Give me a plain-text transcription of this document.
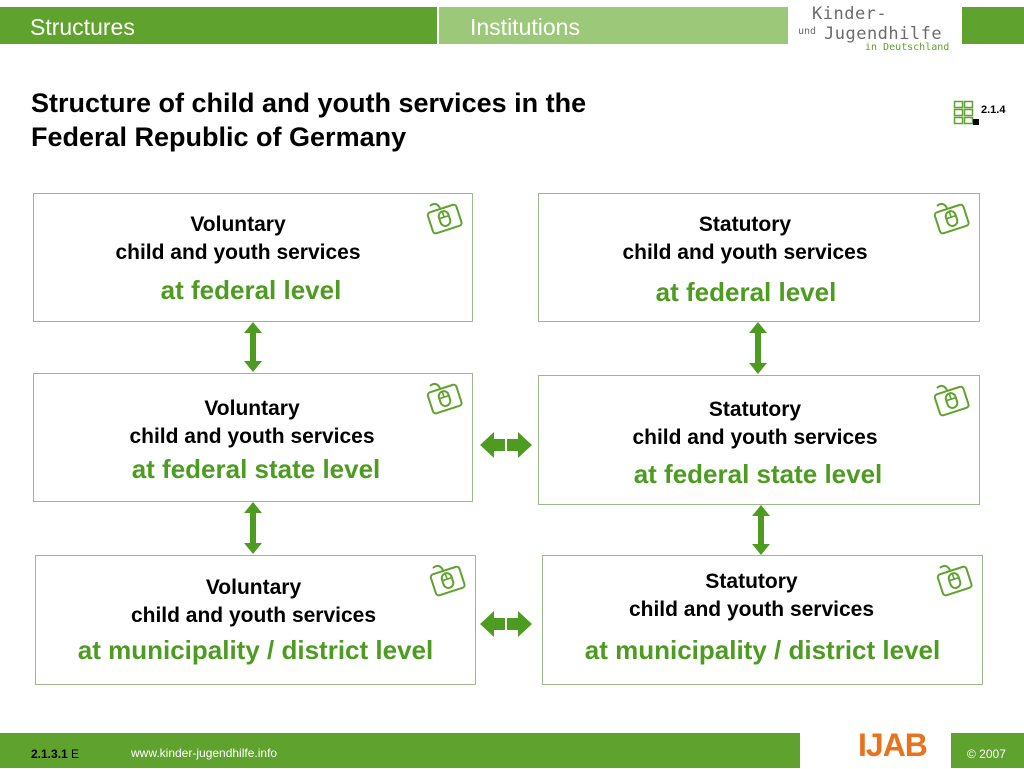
Structures	Institutions	Kinder-
und Jugendhilfe
in Deutschland
Structure of child and youth services in the
Federal Republic of Germany
2.1.4
Voluntary
child and youth services
at federal level
Statutory
child and youth services
at federal level
Voluntary
child and youth services
at federal state level
Statutory
child and youth services
at federal state level
Voluntary
child and youth services
at municipality / district level
Statutory
child and youth services
at municipality / district level
2.1.3.1 E	www.kinder-jugendhilfe.info	IJAB	© 2007
